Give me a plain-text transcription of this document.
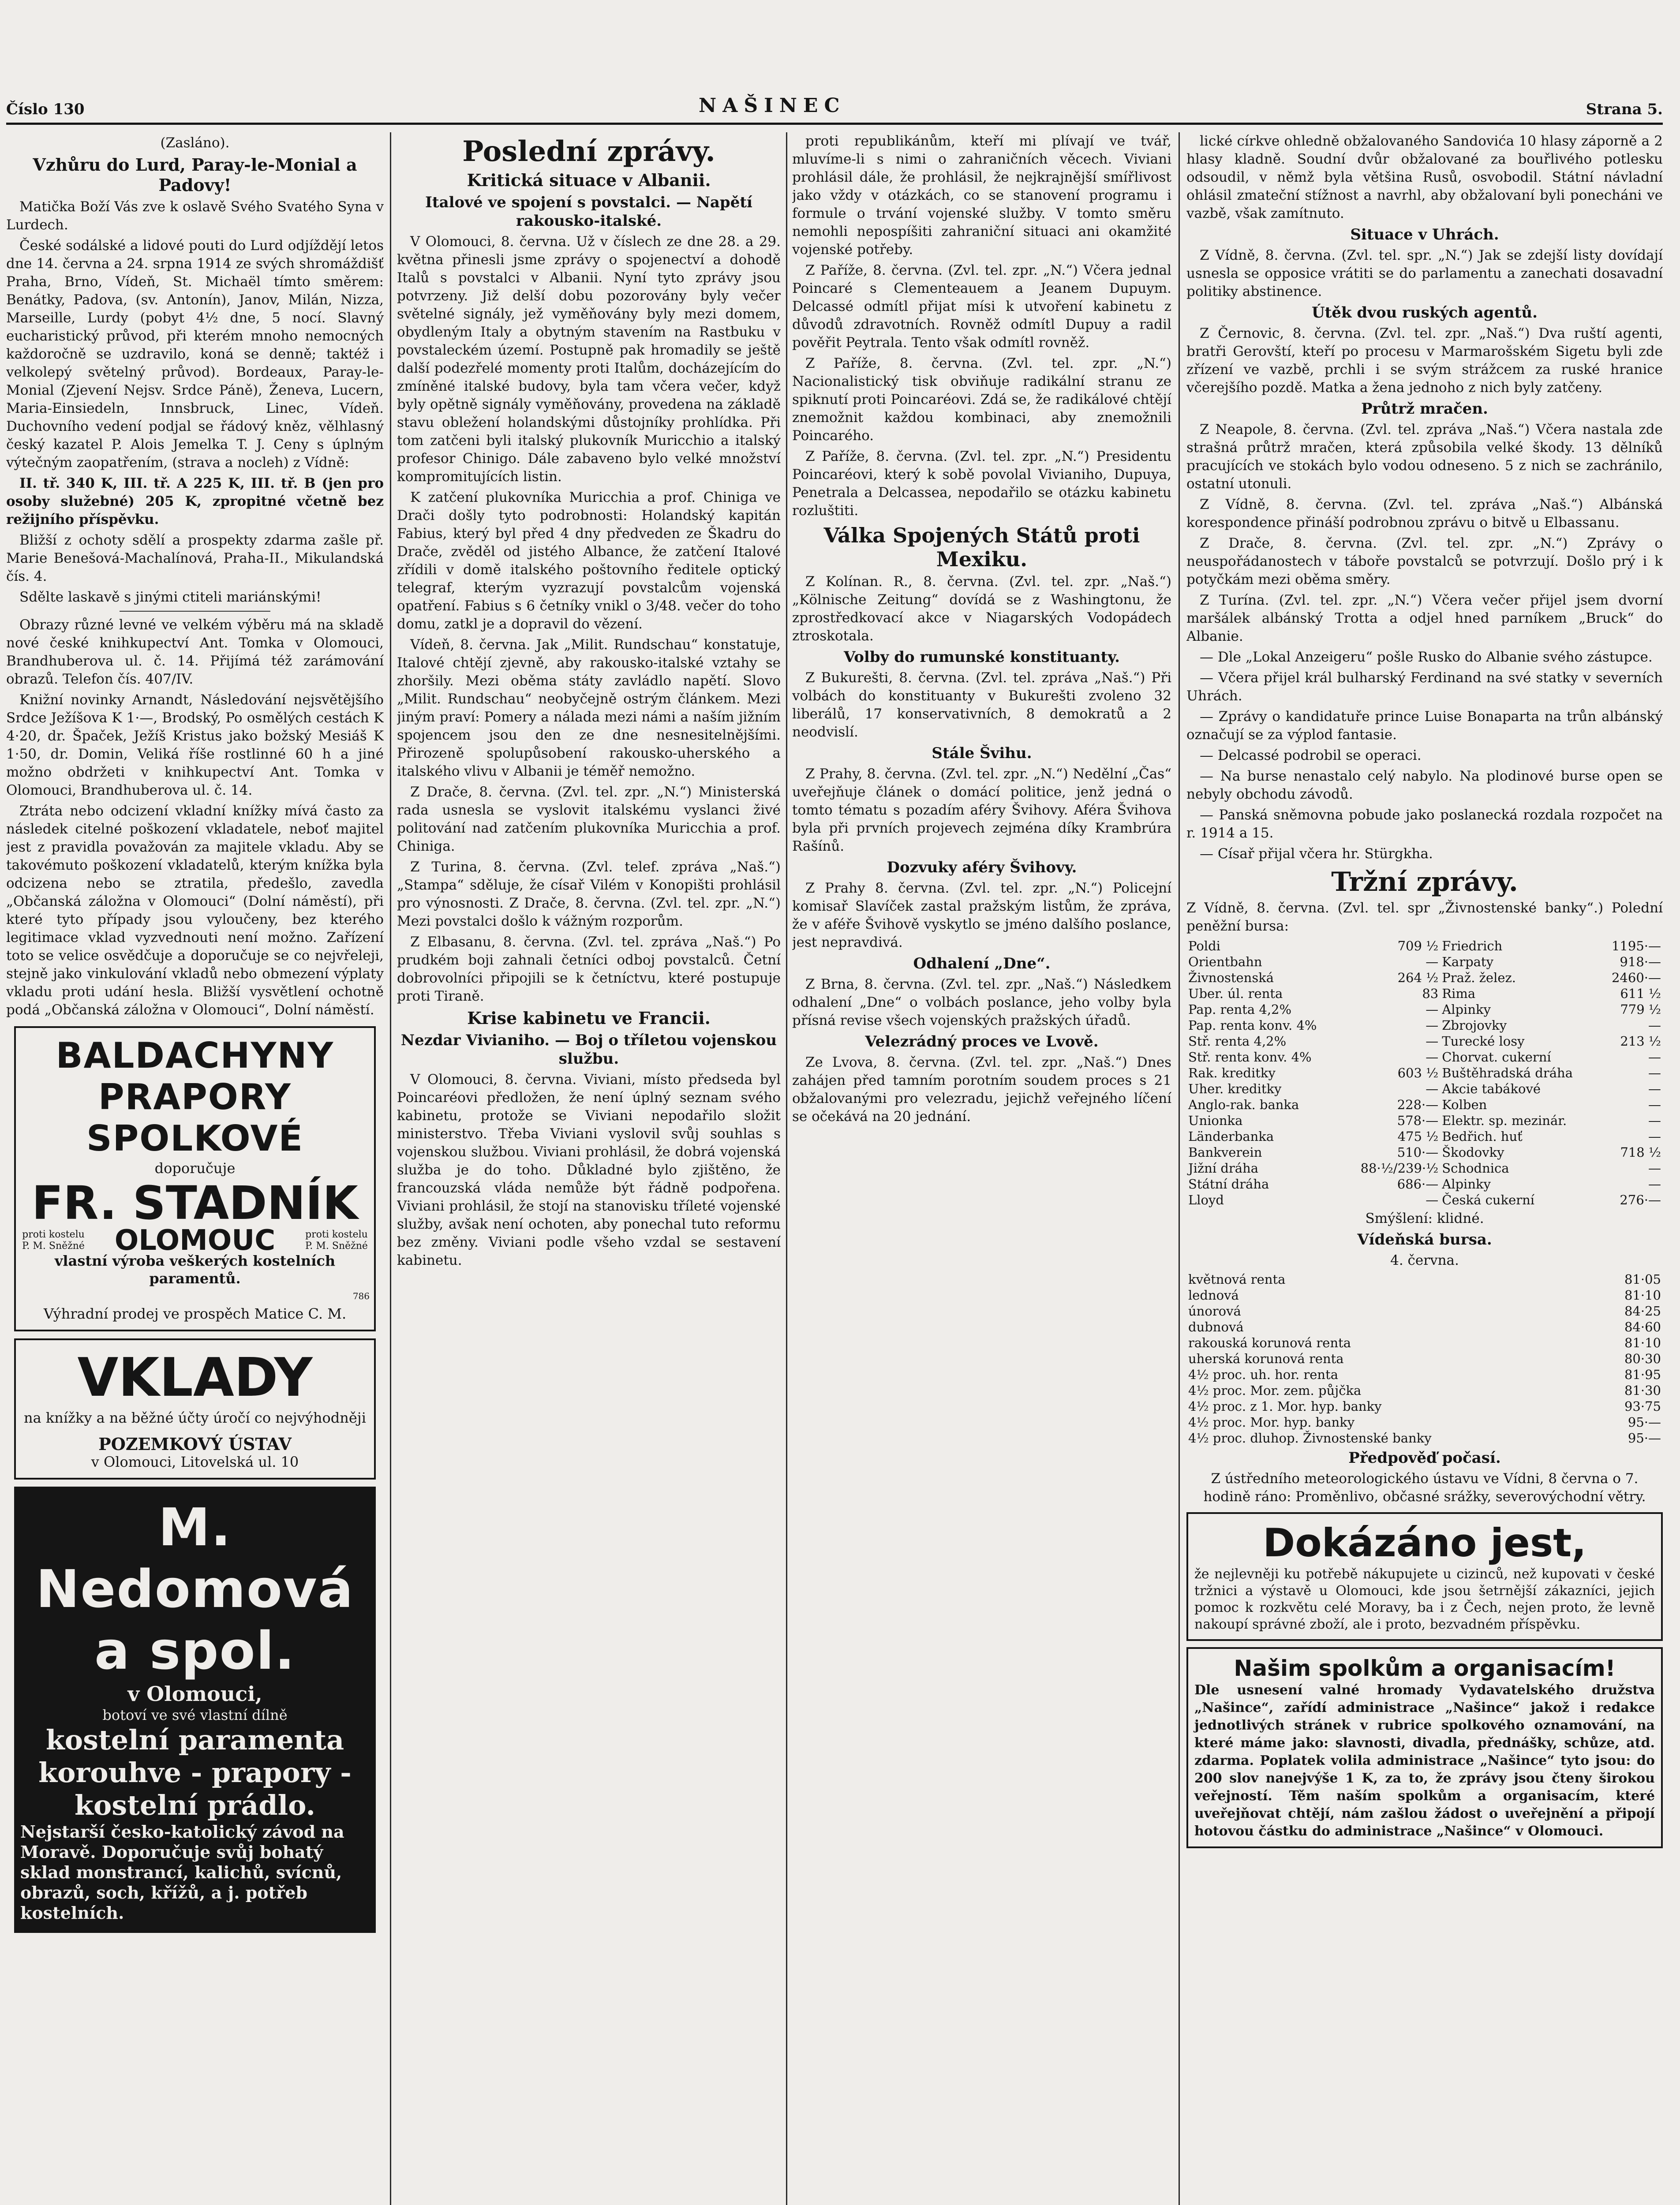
Číslo 130	NAŠINEC	Strana 5.

(Zasláno).

Vzhůru do Lurd, Paray-le-Monial a Padovy!

Matička Boží Vás zve k oslavě Svého Svatého Syna v Lurdech.

České sodálské a lidové pouti do Lurd odjíždějí letos dne 14. června a 24. srpna 1914 ze svých shromáždišť Praha, Brno, Vídeň, St. Michaël tímto směrem: Benátky, Padova, (sv. Antonín), Janov, Milán, Nizza, Marseille, Lurdy (pobyt 4½ dne, 5 nocí. Slavný eucharistický průvod, při kterém mnoho nemocných každoročně se uzdravilo, koná se denně; taktéž i velkolepý světelný průvod). Bordeaux, Paray-le-Monial (Zjevení Nejsv. Srdce Páně), Ženeva, Lucern, Maria-Einsiedeln, Innsbruck, Linec, Vídeň. Duchovního vedení podjal se řádový kněz, vělhlasný český kazatel P. Alois Jemelka T. J. Ceny s úplným výtečným zaopatřením, (strava a nocleh) z Vídně:

II. tř. 340 K, III. tř. A 225 K, III. tř. B (jen pro osoby služebné) 205 K, zpropitné včetně bez režijního příspěvku.

Bližší z ochoty sdělí a prospekty zdarma zašle př. Marie Benešová-Machalínová, Praha-II., Mikulandská čís. 4.

Sdělte laskavě s jinými ctiteli mariánskými!

Obrazy různé levné ve velkém výběru má na skladě nové české knihkupectví Ant. Tomka v Olomouci, Brandhuberova ul. č. 14. Přijímá též zarámování obrazů. Telefon čís. 407/IV.

Knižní novinky Arnandt, Následování nejsvětějšího Srdce Ježíšova K 1·—, Brodský, Po osmělých cestách K 4·20, dr. Špaček, Ježíš Kristus jako božský Mesiáš K 1·50, dr. Domin, Veliká říše rostlinné 60 h a jiné možno obdržeti v knihkupectví Ant. Tomka v Olomouci, Brandhuberova ul. č. 14.

Ztráta nebo odcizení vkladní knížky mívá často za následek citelné poškození vkladatele, neboť majitel jest z pravidla považován za majitele vkladu. Aby se takovémuto poškození vkladatelů, kterým knížka byla odcizena nebo se ztratila, předešlo, zavedla „Občanská záložna v Olomouci“ (Dolní náměstí), při které tyto případy jsou vyloučeny, bez kterého legitimace vklad vyzvednouti není možno. Zařízení toto se velice osvědčuje a doporučuje se co nejvřeleji, stejně jako vinkulování vkladů nebo obmezení výplaty vkladu proti udání hesla. Bližší vysvětlení ochotně podá „Občanská záložna v Olomouci“, Dolní náměstí.

BALDACHYNY
PRAPORY
SPOLKOVÉ
doporučuje
FR. STADNÍK
proti kostelu P. M. Sněžné OLOMOUC	proti kostelu P. M. Sněžné
vlastní výroba veškerých kostelních paramentů.
786
Výhradní prodej ve prospěch Matice C. M.
VKLADY
na knížky a na běžné účty úročí co nejvýhodněji
POZEMKOVÝ ÚSTAV
v Olomouci, Litovelská ul. 10
M. Nedomová a spol.
v Olomouci,
botoví ve své vlastní dílně
kostelní paramenta korouhve - prapory - kostelní prádlo.
Nejstarší česko-katolický závod na Moravě. Doporučuje svůj bohatý sklad monstrancí, kalichů, svícnů, obrazů, soch, křížů, a j. potřeb kostelních.
Poslední zprávy.
Kritická situace v Albanii.
Italové ve spojení s povstalci. — Napětí rakousko-italské.

V Olomouci, 8. června. Už v číslech ze dne 28. a 29. května přinesli jsme zprávy o spojenectví a dohodě Italů s povstalci v Albanii. Nyní tyto zprávy jsou potvrzeny. Již delší dobu pozorovány byly večer světelné signály, jež vyměňovány byly mezi domem, obydleným Italy a obytným stavením na Rastbuku v povstaleckém území. Postupně pak hromadily se ještě další podezřelé momenty proti Italům, docházejícím do zmíněné italské budovy, byla tam včera večer, když byly opětně signály vyměňovány, provedena na základě stavu obležení holandskými důstojníky prohlídka. Při tom zatčeni byli italský plukovník Muricchio a italský profesor Chinigo. Dále zabaveno bylo velké množství kompromitujících listin.

K zatčení plukovníka Muricchia a prof. Chiniga ve Drači došly tyto podrobnosti: Holandský kapitán Fabius, který byl před 4 dny předveden ze Škadru do Drače, zvěděl od jistého Albance, že zatčení Italové zřídili v domě italského poštovního ředitele optický telegraf, kterým vyzrazují povstalcům vojenská opatření. Fabius s 6 četníky vnikl o 3/48. večer do toho domu, zatkl je a dopravil do vězení.

Vídeň, 8. června. Jak „Milit. Rundschau“ konstatuje, Italové chtějí zjevně, aby rakousko-italské vztahy se zhoršily. Mezi oběma státy zavládlo napětí. Slovo „Milit. Rundschau“ neobyčejně ostrým článkem. Mezi jiným praví: Pomery a nálada mezi námi a naším jižním spojencem jsou den ze dne nesnesitelnějšími. Přirozeně spolupůsobení rakousko-uherského a italského vlivu v Albanii je téměř nemožno.

Z Drače, 8. června. (Zvl. tel. zpr. „N.“) Ministerská rada usnesla se vyslovit italskému vyslanci živé politování nad zatčením plukovníka Muricchia a prof. Chiniga.

Z Turina, 8. června. (Zvl. telef. zpráva „Naš.“) „Stampa“ sděluje, že císař Vilém v Konopišti prohlásil pro výnosnosti. Z Drače, 8. června. (Zvl. tel. zpr. „N.“) Mezi povstalci došlo k vážným rozporům.

Z Elbasanu, 8. června. (Zvl. tel. zpráva „Naš.“) Po prudkém boji zahnali četníci odboj povstalců. Četní dobrovolníci připojili se k četníctvu, které postupuje proti Tiraně.

Krise kabinetu ve Francii.
Nezdar Vivianiho. — Boj o tříletou vojenskou službu.

V Olomouci, 8. června. Viviani, místo předseda byl Poincaréovi předložen, že není úplný seznam svého kabinetu, protože se Viviani nepodařilo složit ministerstvo. Třeba Viviani vyslovil svůj souhlas s vojenskou službou. Viviani prohlásil, že dobrá vojenská služba je do toho. Důkladné bylo zjištěno, že francouzská vláda nemůže být řádně podpořena. Viviani prohlásil, že stojí na stanovisku tříleté vojenské služby, avšak není ochoten, aby ponechal tuto reformu bez změny. Viviani podle všeho vzdal se sestavení kabinetu.

proti republikánům, kteří mi plívají ve tvář, mluvíme-li s nimi o zahraničních věcech. Viviani prohlásil dále, že prohlásil, že nejkrajnější smířlivost jako vždy v otázkách, co se stanovení programu i formule o trvání vojenské služby. V tomto směru nemohli nepospíšiti zahraniční situaci ani okamžité vojenské potřeby.

Z Paříže, 8. června. (Zvl. tel. zpr. „N.“) Včera jednal Poincaré s Clementeauem a Jeanem Dupuym. Delcassé odmítl přijat mísi k utvoření kabinetu z důvodů zdravotních. Rovněž odmítl Dupuy a radil pověřit Peytrala. Tento však odmítl rovněž.

Z Paříže, 8. června. (Zvl. tel. zpr. „N.“) Nacionalistický tisk obviňuje radikální stranu ze spiknutí proti Poincaréovi. Zdá se, že radikálové chtějí znemožnit každou kombinaci, aby znemožnili Poincarého.

Z Paříže, 8. června. (Zvl. tel. zpr. „N.“) Presidentu Poincaréovi, který k sobě povolal Vivianiho, Dupuya, Penetrala a Delcassea, nepodařilo se otázku kabinetu rozluštiti.

Válka Spojených Států proti Mexiku.

Z Kolínan. R., 8. června. (Zvl. tel. zpr. „Naš.“) „Kölnische Zeitung“ dovídá se z Washingtonu, že zprostředkovací akce v Niagarských Vodopádech ztroskotala.

Volby do rumunské konstituanty.

Z Bukurešti, 8. června. (Zvl. tel. zpráva „Naš.“) Při volbách do konstituanty v Bukurešti zvoleno 32 liberálů, 17 konservativních, 8 demokratů a 2 neodvislí.

Stále Švihu.

Z Prahy, 8. června. (Zvl. tel. zpr. „N.“) Nedělní „Čas“ uveřejňuje článek o domácí politice, jenž jedná o tomto tématu s pozadím aféry Švihovy. Aféra Švihova byla při prvních projevech zejména díky Krambrúra Rašínů.

Dozvuky aféry Švihovy.

Z Prahy 8. června. (Zvl. tel. zpr. „N.“) Policejní komisař Slavíček zastal pražským listům, že zpráva, že v aféře Švihově vyskytlo se jméno dalšího poslance, jest nepravdivá.

Odhalení „Dne“.

Z Brna, 8. června. (Zvl. tel. zpr. „Naš.“) Následkem odhalení „Dne“ o volbách poslance, jeho volby byla přísná revise všech vojenských pražských úřadů.

Velezrádný proces ve Lvově.

Ze Lvova, 8. června. (Zvl. tel. zpr. „Naš.“) Dnes zahájen před tamním porotním soudem proces s 21 obžalovanými pro velezradu, jejichž veřejného líčení se očekává na 20 jednání.

lické církve ohledně obžalovaného Sandovića 10 hlasy záporně a 2 hlasy kladně. Soudní dvůr obžalované za bouřlivého potlesku odsoudil, v němž byla většina Rusů, osvobodil. Státní návladní ohlásil zmateční stížnost a navrhl, aby obžalovaní byli ponecháni ve vazbě, však zamítnuto.

Situace v Uhrách.

Z Vídně, 8. června. (Zvl. tel. spr. „N.“) Jak se zdejší listy dovídají usnesla se opposice vrátiti se do parlamentu a zanechati dosavadní politiky abstinence.

Útěk dvou ruských agentů.

Z Černovic, 8. června. (Zvl. tel. zpr. „Naš.“) Dva ruští agenti, bratři Gerovští, kteří po procesu v Marmarošském Sigetu byli zde zřízení ve vazbě, prchli i se svým strážcem za ruské hranice včerejšího pozdě. Matka a žena jednoho z nich byly zatčeny.

Průtrž mračen.

Z Neapole, 8. června. (Zvl. tel. zpráva „Naš.“) Včera nastala zde strašná průtrž mračen, která způsobila velké škody. 13 dělníků pracujících ve stokách bylo vodou odneseno. 5 z nich se zachránilo, ostatní utonuli.

Z Vídně, 8. června. (Zvl. tel. zpráva „Naš.“) Albánská korespondence přináší podrobnou zprávu o bitvě u Elbassanu.

Z Drače, 8. června. (Zvl. tel. zpr. „N.“) Zprávy o neuspořádanostech v táboře povstalců se potvrzují. Došlo prý i k potyčkám mezi oběma směry.

Z Turína. (Zvl. tel. zpr. „N.“) Včera večer přijel jsem dvorní maršálek albánský Trotta a odjel hned parníkem „Bruck“ do Albanie.

— Dle „Lokal Anzeigeru“ pošle Rusko do Albanie svého zástupce.

— Včera přijel král bulharský Ferdinand na své statky v severních Uhrách.

— Zprávy o kandidatuře prince Luise Bonaparta na trůn albánský označují se za výplod fantasie.

— Delcassé podrobil se operaci.

— Na burse nenastalo celý nabylo. Na plodinové burse open se nebyly obchodu závodů.

— Panská sněmovna pobude jako poslanecká rozdala rozpočet na r. 1914 a 15.

— Císař přijal včera hr. Stürgkha.

Tržní zprávy.

Z Vídně, 8. června. (Zvl. tel. spr „Živnostenské banky“.) Polední peněžní bursa:

Poldi	709 ½	Friedrich	1195·—
Orientbahn	—	Karpaty	918·—
Živnostenská	264 ½	Praž. želez.	2460·—
Uber. úl. renta	83	Rima	611 ½
Pap. renta 4,2%	—	Alpinky	779 ½
Pap. renta konv. 4%	—	Zbrojovky	—
Stř. renta 4,2%	—	Turecké losy	213 ½
Stř. renta konv. 4%	—	Chorvat. cukerní	—
Rak. kreditky	603 ½	Buštěhradská dráha	—
Uher. kreditky	—	Akcie tabákové	—
Anglo-rak. banka	228·—	Kolben	—
Unionka	578·—	Elektr. sp. mezinár.	—
Länderbanka	475 ½	Bedřich. huť	—
Bankverein	510·—	Škodovky	718 ½
Jižní dráha	88·½/239·½	Schodnica	—
Státní dráha	686·—	Alpinky	—
Lloyd	—	Česká cukerní	276·—

Smýšlení: klidné.

Vídeňská bursa.

4. června.

květnová renta	81·05
lednová	81·10
únorová	84·25
dubnová	84·60
rakouská korunová renta	81·10
uherská korunová renta	80·30
4½ proc. uh. hor. renta	81·95
4½ proc. Mor. zem. půjčka	81·30
4½ proc. z 1. Mor. hyp. banky	93·75
4½ proc. Mor. hyp. banky	95·—
4½ proc. dluhop. Živnostenské banky	95·—
Předpověď počasí.

Z ústředního meteorologického ústavu ve Vídni, 8 června o 7. hodině ráno: Proměnlivo, občasné srážky, severovýchodní větry.

Dokázáno jest,
že nejlevněji ku potřebě nákupujete u cizinců, než kupovati v české tržnici a výstavě u Olomouci, kde jsou šetrnější zákazníci, jejich pomoc k rozkvětu celé Moravy, ba i z Čech, nejen proto, že levně nakoupí správné zboží, ale i proto, bezvadném příspěvku.
Našim spolkům a organisacím!
Dle usnesení valné hromady Vydavatelského družstva „Našince“, zařídí administrace „Našince“ jakož i redakce jednotlivých stránek v rubrice spolkového oznamování, na které máme jako: slavnosti, divadla, přednášky, schůze, atd. zdarma. Poplatek volila administrace „Našince“ tyto jsou: do 200 slov nanejvýše 1 K, za to, že zprávy jsou čteny širokou veřejností. Těm naším spolkům a organisacím, které uveřejňovat chtějí, nám zašlou žádost o uveřejnění a připojí hotovou částku do administrace „Našince“ v Olomouci.
